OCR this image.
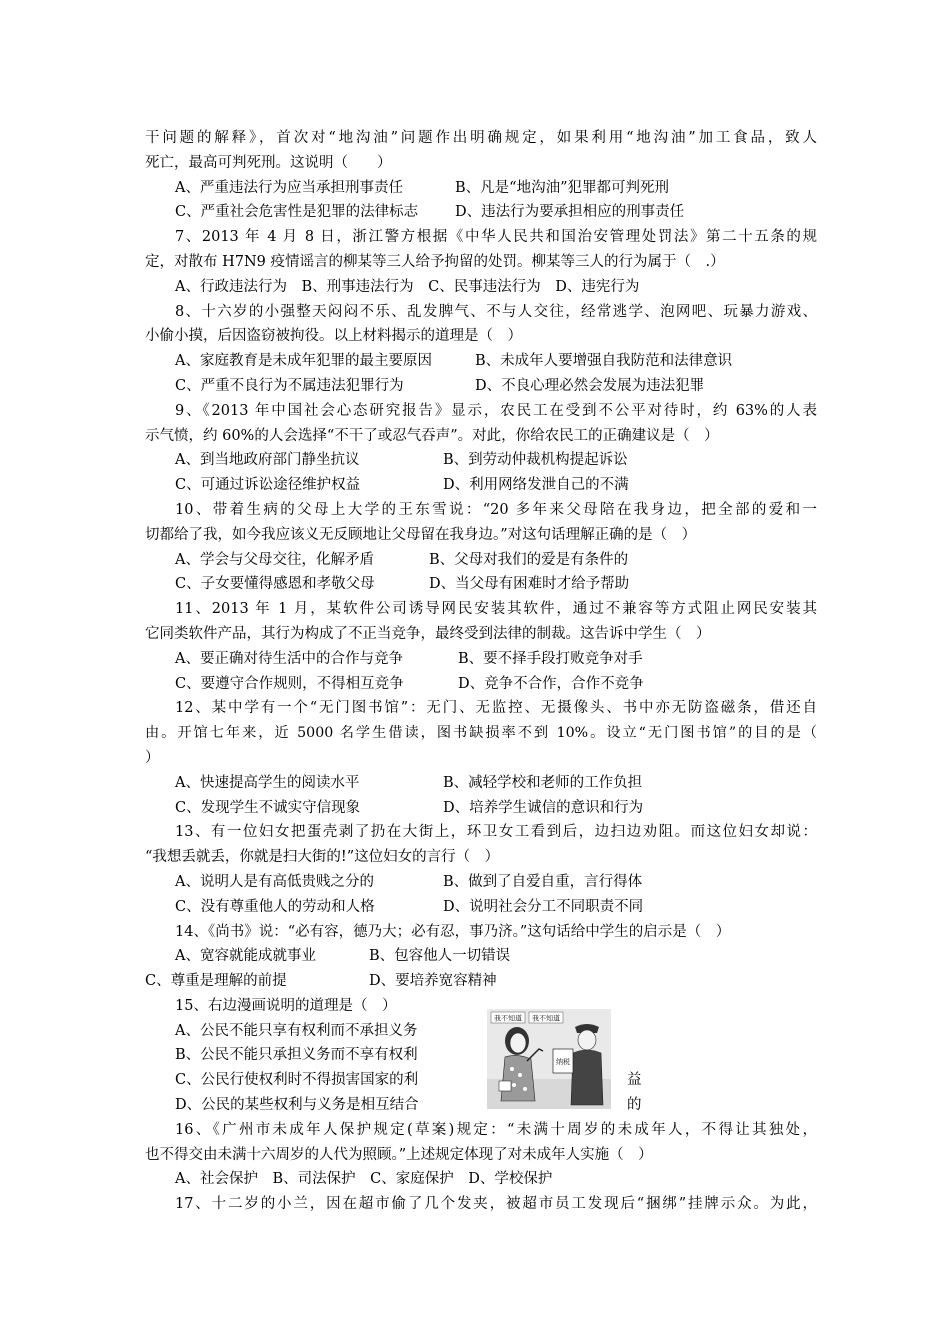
干问题的解释》，首次对“地沟油”问题作出明确规定，如果利用“地沟油”加工食品，致人
死亡，最高可判死刑。这说明（　　）
A、严重违法行为应当承担刑事责任	B、凡是“地沟油”犯罪都可判死刑
C、严重社会危害性是犯罪的法律标志	D、违法行为要承担相应的刑事责任
7、2013 年 4 月 8 日，浙江警方根据《中华人民共和国治安管理处罚法》第二十五条的规
定，对散布 H7N9 疫情谣言的柳某等三人给予拘留的处罚。柳某等三人的行为属于（　.）
A、行政违法行为　B、刑事违法行为　C、民事违法行为　D、违宪行为
8、十六岁的小强整天闷闷不乐、乱发脾气、不与人交往，经常逃学、泡网吧、玩暴力游戏、
小偷小摸，后因盗窃被拘役。以上材料揭示的道理是（　）
A、家庭教育是未成年犯罪的最主要原因	B、未成年人要增强自我防范和法律意识
C、严重不良行为不属违法犯罪行为	D、不良心理必然会发展为违法犯罪
9、《2013 年中国社会心态研究报告》显示，农民工在受到不公平对待时，约 63%的人表
示气愤，约 60%的人会选择“不干了或忍气吞声”。对此，你给农民工的正确建议是（　）
A、到当地政府部门静坐抗议	B、到劳动仲裁机构提起诉讼
C、可通过诉讼途径维护权益	D、利用网络发泄自己的不满
10、带着生病的父母上大学的王东雪说：“20 多年来父母陪在我身边，把全部的爱和一
切都给了我，如今我应该义无反顾地让父母留在我身边。”对这句话理解正确的是（　）
A、学会与父母交往，化解矛盾	B、父母对我们的爱是有条件的
C、子女要懂得感恩和孝敬父母	D、当父母有困难时才给予帮助
11、2013 年 1 月，某软件公司诱导网民安装其软件，通过不兼容等方式阻止网民安装其
它同类软件产品，其行为构成了不正当竞争，最终受到法律的制裁。这告诉中学生（　）
A、要正确对待生活中的合作与竞争	B、要不择手段打败竞争对手
C、要遵守合作规则，不得相互竞争	D、竞争不合作，合作不竞争
12、某中学有一个“无门图书馆”：无门、无监控、无摄像头、书中亦无防盗磁条，借还自
由。开馆七年来，近 5000 名学生借读，图书缺损率不到 10%。设立“无门图书馆”的目的是（
）
A、快速提高学生的阅读水平	B、减轻学校和老师的工作负担
C、发现学生不诚实守信现象	D、培养学生诚信的意识和行为
13、有一位妇女把蛋壳剥了扔在大街上，环卫女工看到后，边扫边劝阻。而这位妇女却说：
“我想丢就丢，你就是扫大街的!”这位妇女的言行（　）
A、说明人是有高低贵贱之分的	B、做到了自爱自重，言行得体
C、没有尊重他人的劳动和人格	D、说明社会分工不同职责不同
14、《尚书》说：“必有容，德乃大；必有忍，事乃济。”这句话给中学生的启示是（　）
A、宽容就能成就事业	B、包容他人一切错误
C、尊重是理解的前提	D、要培养宽容精神
15、右边漫画说明的道理是（　）
A、公民不能只享有权利而不承担义务
B、公民不能只承担义务而不享有权利
C、公民行使权利时不得损害国家的利	益
D、公民的某些权利与义务是相互结合	的
16、《广州市未成年人保护规定(草案)规定：“未满十周岁的未成年人，不得让其独处，
也不得交由未满十六周岁的人代为照顾。”上述规定体现了对未成年人实施（　）
A、社会保护　B、司法保护　C、家庭保护　D、学校保护
17、十二岁的小兰，因在超市偷了几个发夹，被超市员工发现后“捆绑”挂牌示众。为此，
我不知道 我不知道
纳税
